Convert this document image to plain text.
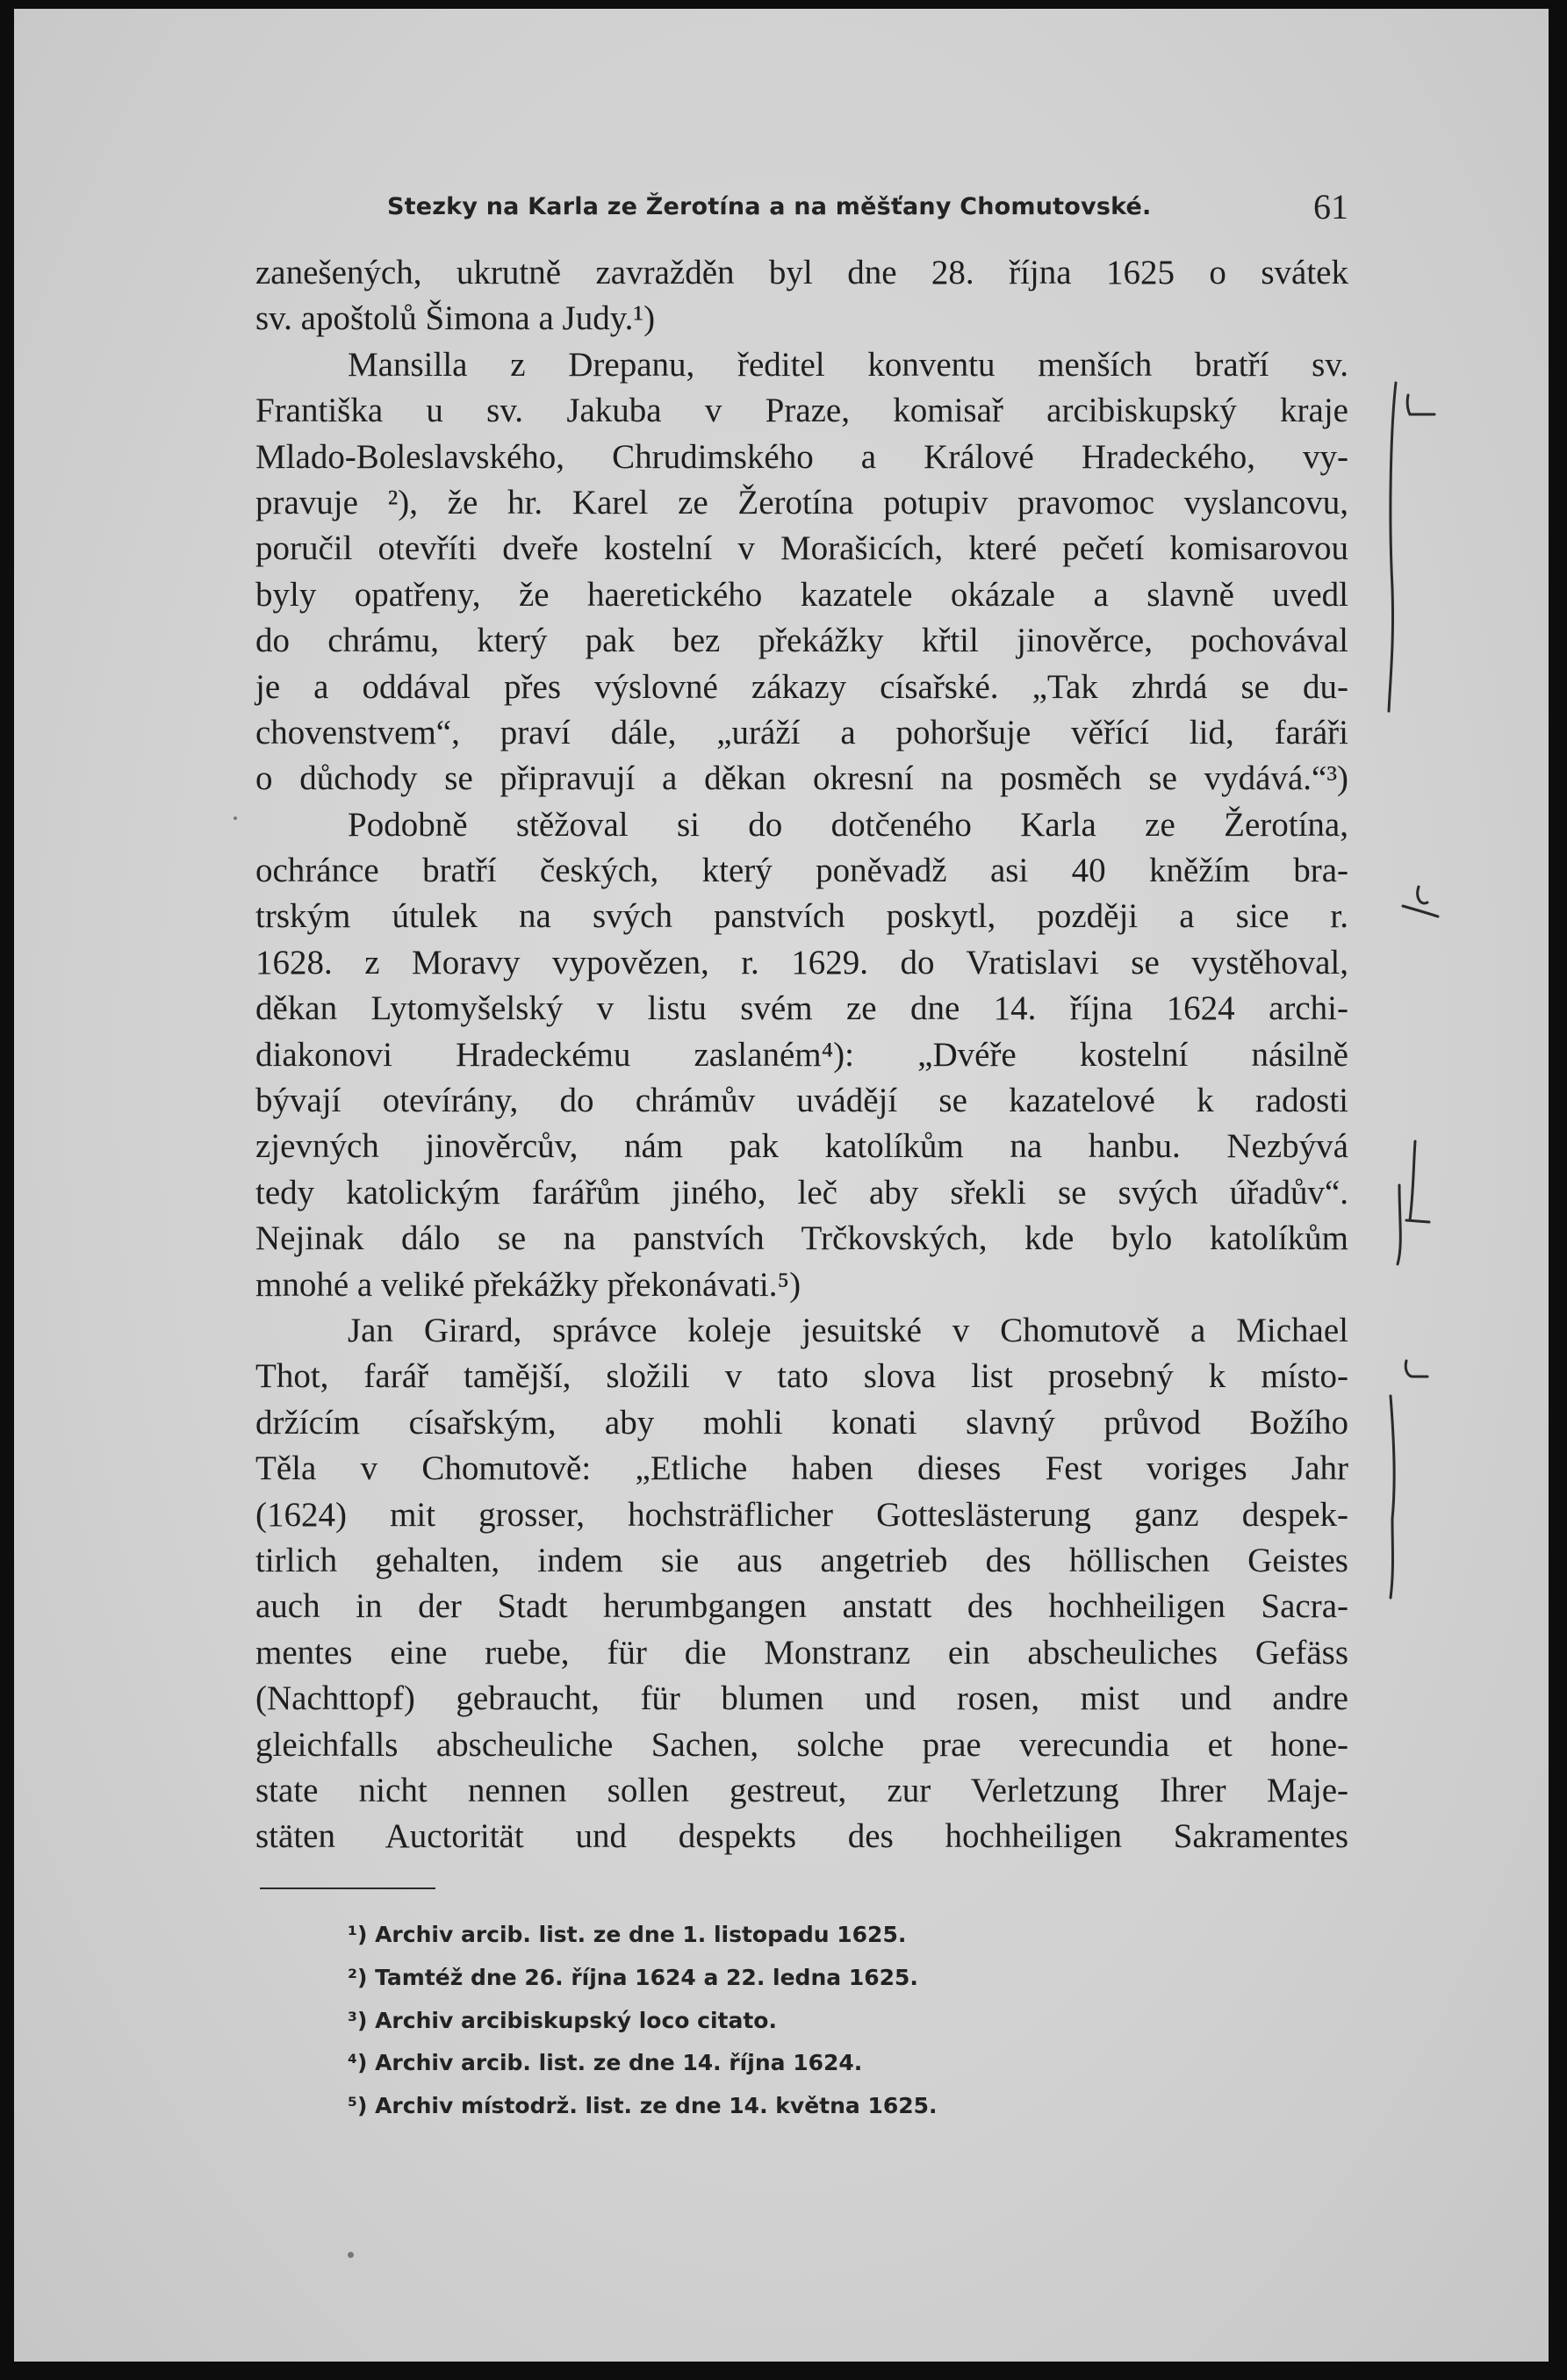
Stezky na Karla ze Žerotína a na měšťany Chomutovské.	61
zanešených, ukrutně zavražděn byl dne 28. října 1625 o svátek
sv. apoštolů Šimona a Judy.¹)
Mansilla z Drepanu, ředitel konventu menších bratří sv.
Františka u sv. Jakuba v Praze, komisař arcibiskupský kraje
Mlado-Boleslavského, Chrudimského a Králové Hradeckého, vy-
pravuje ²), že hr. Karel ze Žerotína potupiv pravomoc vyslancovu,
poručil otevříti dveře kostelní v Morašicích, které pečetí komisarovou
byly opatřeny, že haeretického kazatele okázale a slavně uvedl
do chrámu, který pak bez překážky křtil jinověrce, pochovával
je a oddával přes výslovné zákazy císařské. „Tak zhrdá se du-
chovenstvem“, praví dále, „uráží a pohoršuje věřící lid, faráři
o důchody se připravují a děkan okresní na posměch se vydává.“³)
Podobně stěžoval si do dotčeného Karla ze Žerotína,
ochránce bratří českých, který poněvadž asi 40 kněžím bra-
trským útulek na svých panstvích poskytl, později a sice r.
1628. z Moravy vypovězen, r. 1629. do Vratislavi se vystěhoval,
děkan Lytomyšelský v listu svém ze dne 14. října 1624 archi-
diakonovi Hradeckému zaslaném⁴): „Dvéře kostelní násilně
bývají otevírány, do chrámův uvádějí se kazatelové k radosti
zjevných jinověrcův, nám pak katolíkům na hanbu. Nezbývá
tedy katolickým farářům jiného, leč aby sřekli se svých úřadův“.
Nejinak dálo se na panstvích Trčkovských, kde bylo katolíkům
mnohé a veliké překážky překonávati.⁵)
Jan Girard, správce koleje jesuitské v Chomutově a Michael
Thot, farář tamější, složili v tato slova list prosebný k místo-
držícím císařským, aby mohli konati slavný průvod Božího
Těla v Chomutově: „Etliche haben dieses Fest voriges Jahr
(1624) mit grosser, hochsträflicher Gotteslästerung ganz despek-
tirlich gehalten, indem sie aus angetrieb des höllischen Geistes
auch in der Stadt herumbgangen anstatt des hochheiligen Sacra-
mentes eine ruebe, für die Monstranz ein abscheuliches Gefäss
(Nachttopf) gebraucht, für blumen und rosen, mist und andre
gleichfalls abscheuliche Sachen, solche prae verecundia et hone-
state nicht nennen sollen gestreut, zur Verletzung Ihrer Maje-
stäten Auctorität und despekts des hochheiligen Sakramentes
¹) Archiv arcib. list. ze dne 1. listopadu 1625.
²) Tamtéž dne 26. října 1624 a 22. ledna 1625.
³) Archiv arcibiskupský loco citato.
⁴) Archiv arcib. list. ze dne 14. října 1624.
⁵) Archiv místodrž. list. ze dne 14. května 1625.
